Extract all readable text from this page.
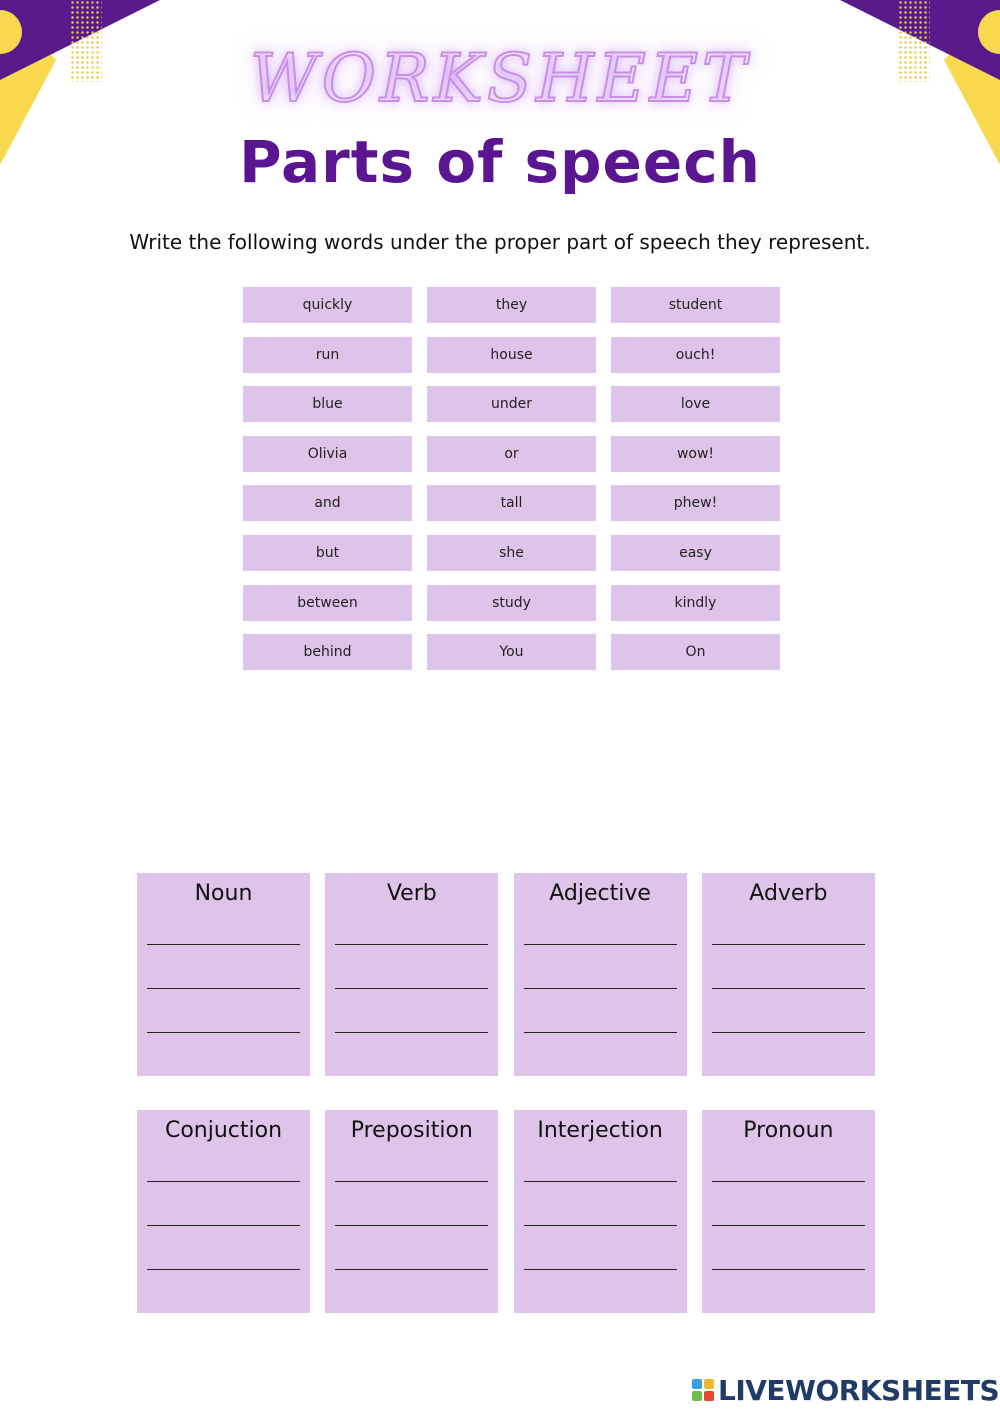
WORKSHEET
Parts of speech
Write the following words under the proper part of speech they represent.
quickly	they	student
run	house	ouch!
blue	under	love
Olivia	or	wow!
and	tall	phew!
but	she	easy
between	study	kindly
behind	You	On
Noun	Verb	Adjective	Adverb
Conjuction	Preposition	Interjection	Pronoun
LIVEWORKSHEETS
